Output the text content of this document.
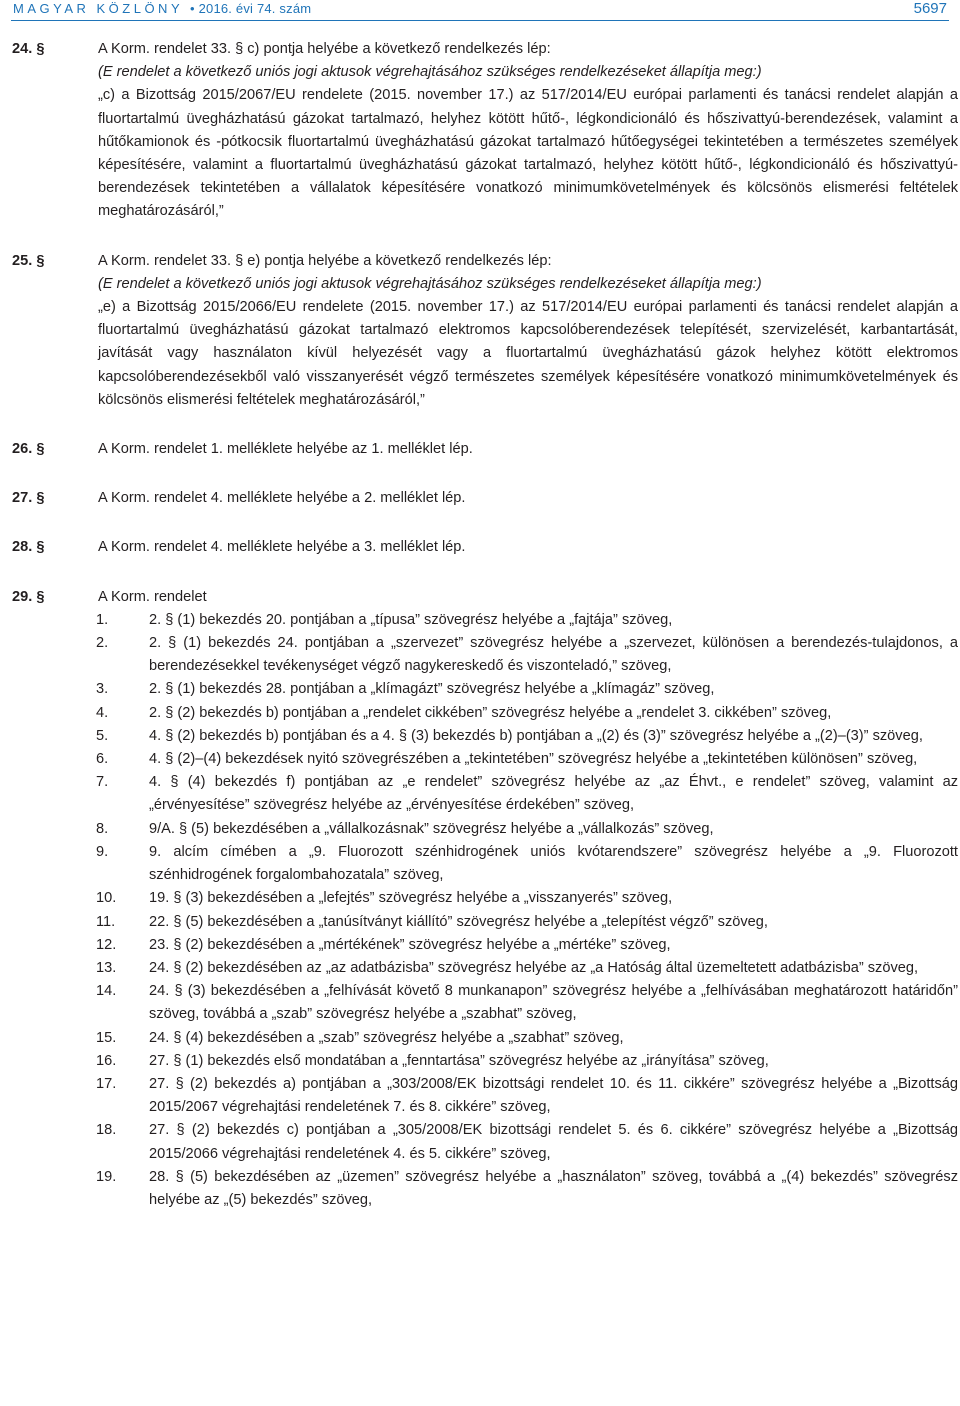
MAGYAR KÖZLÖNY • 2016. évi 74. szám	5697
24. §	A Korm. rendelet 33. § c) pontja helyébe a következő rendelkezés lép:

(E rendelet a következő uniós jogi aktusok végrehajtásához szükséges rendelkezéseket állapítja meg:)

„c) a Bizottság 2015/2067/EU rendelete (2015. november 17.) az 517/2014/EU európai parlamenti és tanácsi rendelet alapján a fluortartalmú üvegházhatású gázokat tartalmazó, helyhez kötött hűtő-, légkondicionáló és hőszivattyú-berendezések, valamint a hűtőkamionok és -pótkocsik fluortartalmú üvegházhatású gázokat tartalmazó hűtőegységei tekintetében a természetes személyek képesítésére, valamint a fluortartalmú üvegházhatású gázokat tartalmazó, helyhez kötött hűtő-, légkondicionáló és hőszivattyú-berendezések tekintetében a vállalatok képesítésére vonatkozó minimumkövetelmények és kölcsönös elismerési feltételek meghatározásáról,”

25. §	A Korm. rendelet 33. § e) pontja helyébe a következő rendelkezés lép:

(E rendelet a következő uniós jogi aktusok végrehajtásához szükséges rendelkezéseket állapítja meg:)

„e) a Bizottság 2015/2066/EU rendelete (2015. november 17.) az 517/2014/EU európai parlamenti és tanácsi rendelet alapján a fluortartalmú üvegházhatású gázokat tartalmazó elektromos kapcsolóberendezések telepítését, szervizelését, karbantartását, javítását vagy használaton kívül helyezését vagy a fluortartalmú üvegházhatású gázok helyhez kötött elektromos kapcsolóberendezésekből való visszanyerését végző természetes személyek képesítésére vonatkozó minimumkövetelmények és kölcsönös elismerési feltételek meghatározásáról,”

26. §	A Korm. rendelet 1. melléklete helyébe az 1. melléklet lép.

27. §	A Korm. rendelet 4. melléklete helyébe a 2. melléklet lép.

28. §	A Korm. rendelet 4. melléklete helyébe a 3. melléklet lép.

29. §	A Korm. rendelet

1.	2. § (1) bekezdés 20. pontjában a „típusa” szövegrész helyébe a „fajtája” szöveg,
2.	2. § (1) bekezdés 24. pontjában a „szervezet” szövegrész helyébe a „szervezet, különösen a berendezés-tulajdonos, a berendezésekkel tevékenységet végző nagykereskedő és viszonteladó,” szöveg,
3.	2. § (1) bekezdés 28. pontjában a „klímagázt” szövegrész helyébe a „klímagáz” szöveg,
4.	2. § (2) bekezdés b) pontjában a „rendelet cikkében” szövegrész helyébe a „rendelet 3. cikkében” szöveg,
5.	4. § (2) bekezdés b) pontjában és a 4. § (3) bekezdés b) pontjában a „(2) és (3)” szövegrész helyébe a „(2)–(3)” szöveg,
6.	4. § (2)–(4) bekezdések nyitó szövegrészében a „tekintetében” szövegrész helyébe a „tekintetében különösen” szöveg,
7.	4. § (4) bekezdés f) pontjában az „e rendelet” szövegrész helyébe az „az Éhvt., e rendelet” szöveg, valamint az „érvényesítése” szövegrész helyébe az „érvényesítése érdekében” szöveg,
8.	9/A. § (5) bekezdésében a „vállalkozásnak” szövegrész helyébe a „vállalkozás” szöveg,
9.	9. alcím címében a „9. Fluorozott szénhidrogének uniós kvótarendszere” szövegrész helyébe a „9. Fluorozott szénhidrogének forgalombahozatala” szöveg,
10.	19. § (3) bekezdésében a „lefejtés” szövegrész helyébe a „visszanyerés” szöveg,
11.	22. § (5) bekezdésében a „tanúsítványt kiállító” szövegrész helyébe a „telepítést végző” szöveg,
12.	23. § (2) bekezdésében a „mértékének” szövegrész helyébe a „mértéke” szöveg,
13.	24. § (2) bekezdésében az „az adatbázisba” szövegrész helyébe az „a Hatóság által üzemeltetett adatbázisba” szöveg,
14.	24. § (3) bekezdésében a „felhívását követő 8 munkanapon” szövegrész helyébe a „felhívásában meghatározott határidőn” szöveg, továbbá a „szab” szövegrész helyébe a „szabhat” szöveg,
15.	24. § (4) bekezdésében a „szab” szövegrész helyébe a „szabhat” szöveg,
16.	27. § (1) bekezdés első mondatában a „fenntartása” szövegrész helyébe az „irányítása” szöveg,
17.	27. § (2) bekezdés a) pontjában a „303/2008/EK bizottsági rendelet 10. és 11. cikkére” szövegrész helyébe a „Bizottság 2015/2067 végrehajtási rendeletének 7. és 8. cikkére” szöveg,
18.	27. § (2) bekezdés c) pontjában a „305/2008/EK bizottsági rendelet 5. és 6. cikkére” szövegrész helyébe a „Bizottság 2015/2066 végrehajtási rendeletének 4. és 5. cikkére” szöveg,
19.	28. § (5) bekezdésében az „üzemen” szövegrész helyébe a „használaton” szöveg, továbbá a „(4) bekezdés” szövegrész helyébe az „(5) bekezdés” szöveg,
